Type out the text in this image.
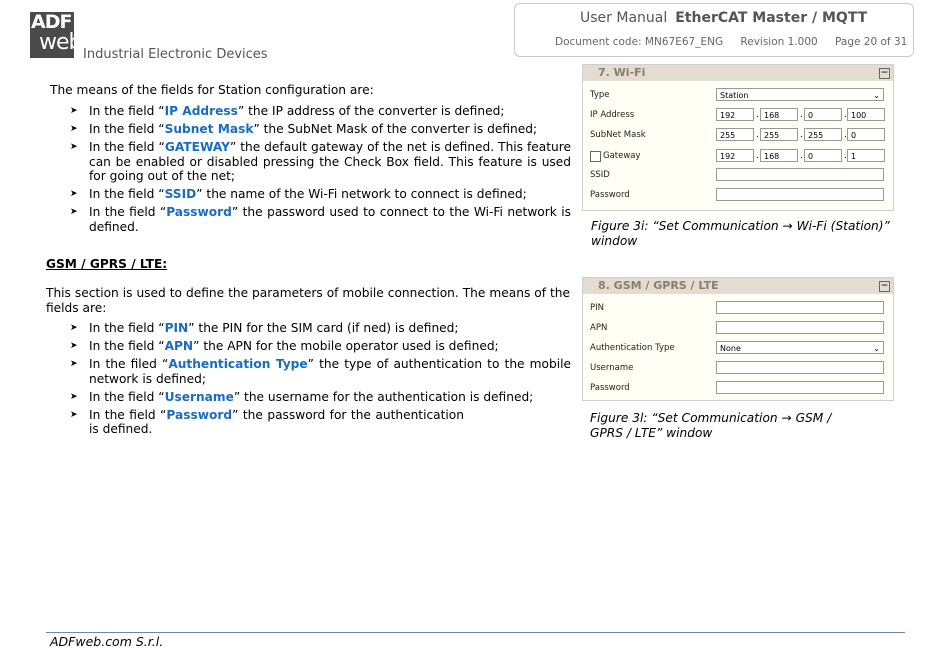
ADF
web Industrial Electronic Devices
User Manual EtherCAT Master / MQTT
Document code: MN67E67_ENG Revision 1.000 Page 20 of 31
The means of the fields for Station configuration are:
➤ In the field “IP Address” the IP address of the converter is defined;
➤ In the field “Subnet Mask” the SubNet Mask of the converter is defined;
➤ In the field “GATEWAY” the default gateway of the net is defined. This feature can be enabled or disabled pressing the Check Box field. This feature is used for going out of the net;
➤ In the field “SSID” the name of the Wi-Fi network to connect is defined;
➤ In the field “Password” the password used to connect to the Wi-Fi network is defined.
GSM / GPRS / LTE:
This section is used to define the parameters of mobile connection. The means of the fields are:
➤ In the field “PIN” the PIN for the SIM card (if ned) is defined;
➤ In the field “APN” the APN for the mobile operator used is defined;
➤ In the filed “Authentication Type” the type of authentication to the mobile network is defined;
➤ In the field “Username” the username for the authentication is defined;
➤ In the field “Password” the password for the authentication is defined.
7. Wi-Fi	−
Type	Station	⌄
IP Address	192	. 168	. 0	. 100
SubNet Mask	255	. 255	. 255	. 0
Gateway	192	. 168	. 0	. 1
SSID
Password
Figure 3i: “Set Communication → Wi-Fi (Station)”
window
8. GSM / GPRS / LTE	−
PIN
APN
Authentication Type	None	⌄
Username
Password
Figure 3l: “Set Communication → GSM /
GPRS / LTE” window
ADFweb.com S.r.l.
